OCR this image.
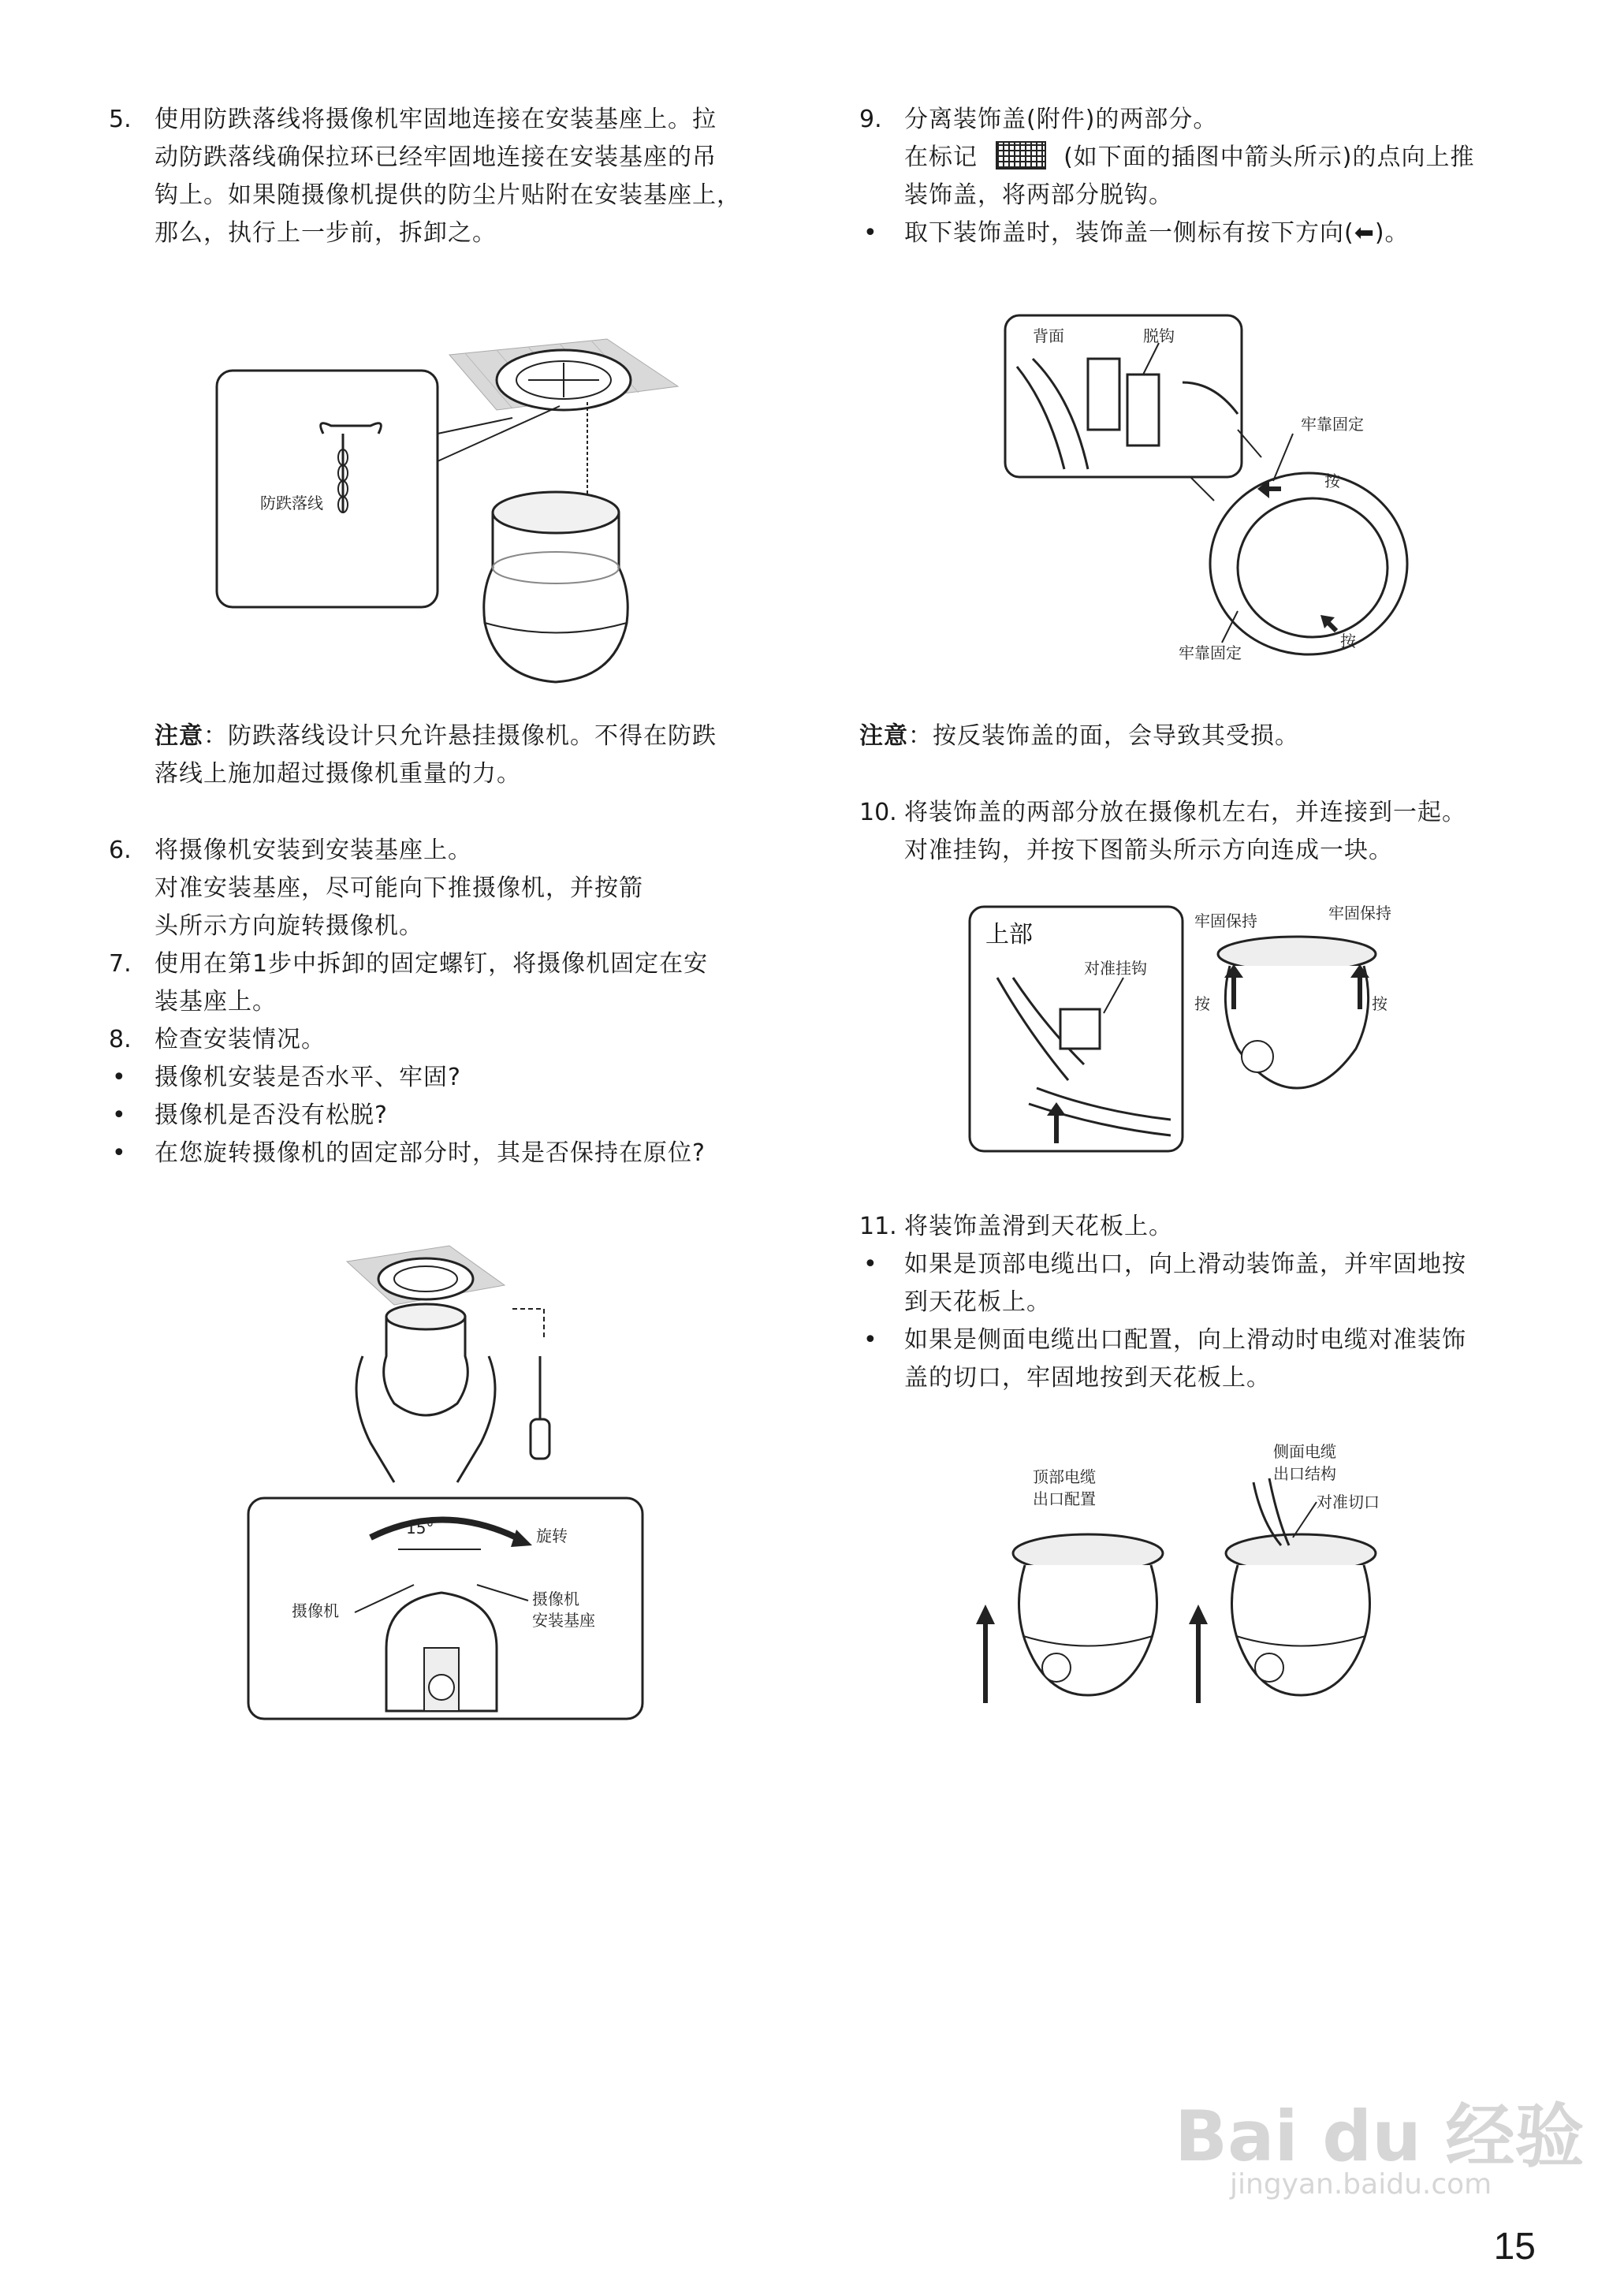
5. 使用防跌落线将摄像机牢固地连接在安装基座上。拉
动防跌落线确保拉环已经牢固地连接在安装基座的吊
钩上。如果随摄像机提供的防尘片贴附在安装基座上，
那么，执行上一步前，拆卸之。
防跌落线
注意：防跌落线设计只允许悬挂摄像机。不得在防跌
落线上施加超过摄像机重量的力。
6. 将摄像机安装到安装基座上。
对准安装基座，尽可能向下推摄像机，并按箭
头所示方向旋转摄像机。
7. 使用在第1步中拆卸的固定螺钉，将摄像机固定在安
装基座上。
8. 检查安装情况。
• 摄像机安装是否水平、牢固?
• 摄像机是否没有松脱?
• 在您旋转摄像机的固定部分时，其是否保持在原位?
15°	旋转
摄像机
摄像机
安装基座
9. 分离装饰盖(附件)的两部分。
在标记	(如下面的插图中箭头所示)的点向上推
装饰盖，将两部分脱钩。
• 取下装饰盖时，装饰盖一侧标有按下方向(⬅)。
背面	脱钩
牢靠固定
按
按
牢靠固定
注意：按反装饰盖的面，会导致其受损。
10. 将装饰盖的两部分放在摄像机左右，并连接到一起。
对准挂钩，并按下图箭头所示方向连成一块。
上部
对准挂钩
牢固保持	牢固保持
按	按
11. 将装饰盖滑到天花板上。
• 如果是顶部电缆出口，向上滑动装饰盖，并牢固地按
到天花板上。
• 如果是侧面电缆出口配置，向上滑动时电缆对准装饰
盖的切口，牢固地按到天花板上。
顶部电缆
出口配置
侧面电缆
出口结构
对准切口
Bai du 经验
jingyan.baidu.com
15
